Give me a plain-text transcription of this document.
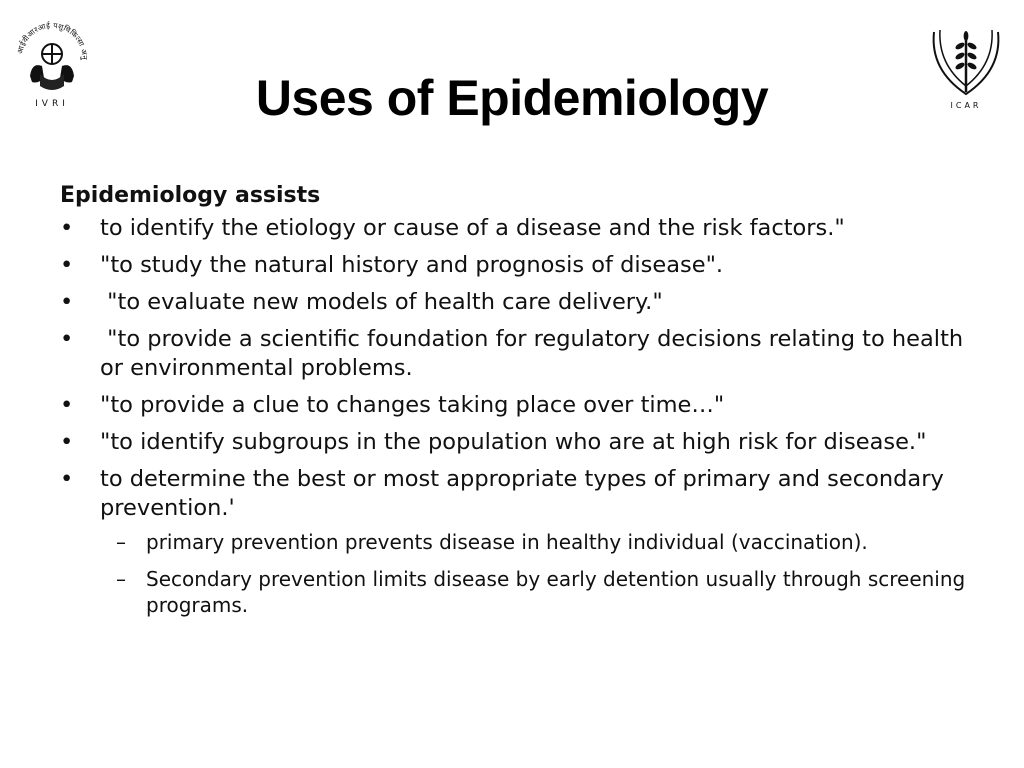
आईवीआरआई पशुचिकित्सा अनु
IVRI	ICAR
Uses of Epidemiology

Epidemiology assists

• to identify the etiology or cause of a disease and the risk factors."
• "to study the natural history and prognosis of disease".
• "to evaluate new models of health care delivery."
• "to provide a scientific foundation for regulatory decisions relating to health or environmental problems.
• "to provide a clue to changes taking place over time…"
• "to identify subgroups in the population who are at high risk for disease."
• to determine the best or most appropriate types of primary and secondary prevention.'
– primary prevention prevents disease in healthy individual (vaccination).
– Secondary prevention limits disease by early detention usually through screening programs.
